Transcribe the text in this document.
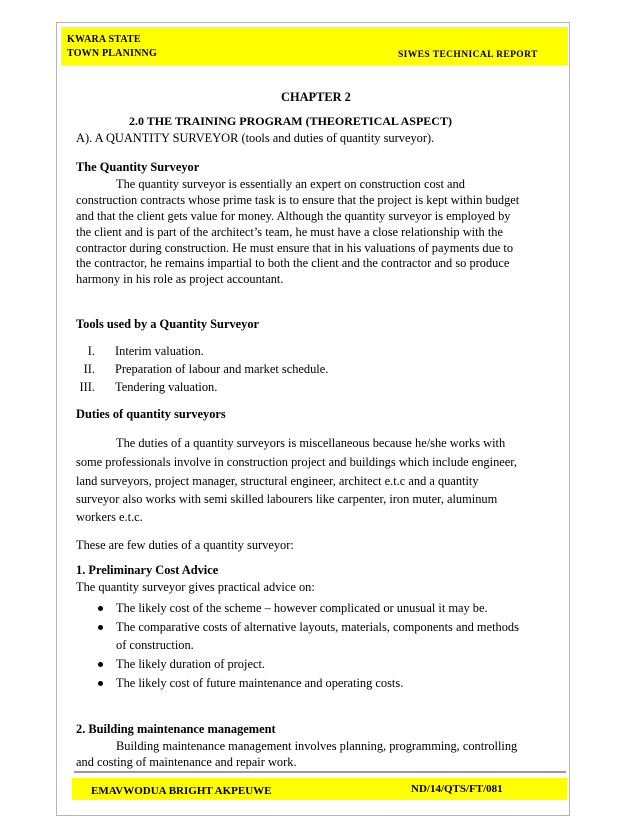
KWARA STATE
TOWN PLANINNG	SIWES TECHNICAL REPORT
CHAPTER 2
2.0 THE TRAINING PROGRAM (THEORETICAL ASPECT)
A). A QUANTITY SURVEYOR (tools and duties of quantity surveyor).
The Quantity Surveyor
The quantity surveyor is essentially an expert on construction cost and
construction contracts whose prime task is to ensure that the project is kept within budget
and that the client gets value for money. Although the quantity surveyor is employed by
the client and is part of the architect’s team, he must have a close relationship with the
contractor during construction. He must ensure that in his valuations of payments due to
the contractor, he remains impartial to both the client and the contractor and so produce
harmony in his role as project accountant.
Tools used by a Quantity Surveyor
I. Interim valuation.
II. Preparation of labour and market schedule.
III. Tendering valuation.
Duties of quantity surveyors
The duties of a quantity surveyors is miscellaneous because he/she works with
some professionals involve in construction project and buildings which include engineer,
land surveyors, project manager, structural engineer, architect e.t.c and a quantity
surveyor also works with semi skilled labourers like carpenter, iron muter, aluminum
workers e.t.c.
These are few duties of a quantity surveyor:
1. Preliminary Cost Advice
The quantity surveyor gives practical advice on:
The likely cost of the scheme – however complicated or unusual it may be.
The comparative costs of alternative layouts, materials, components and methods
of construction.
The likely duration of project.
The likely cost of future maintenance and operating costs.
2. Building maintenance management
Building maintenance management involves planning, programming, controlling
and costing of maintenance and repair work.
EMAVWODUA BRIGHT AKPEUWE	ND/14/QTS/FT/081
